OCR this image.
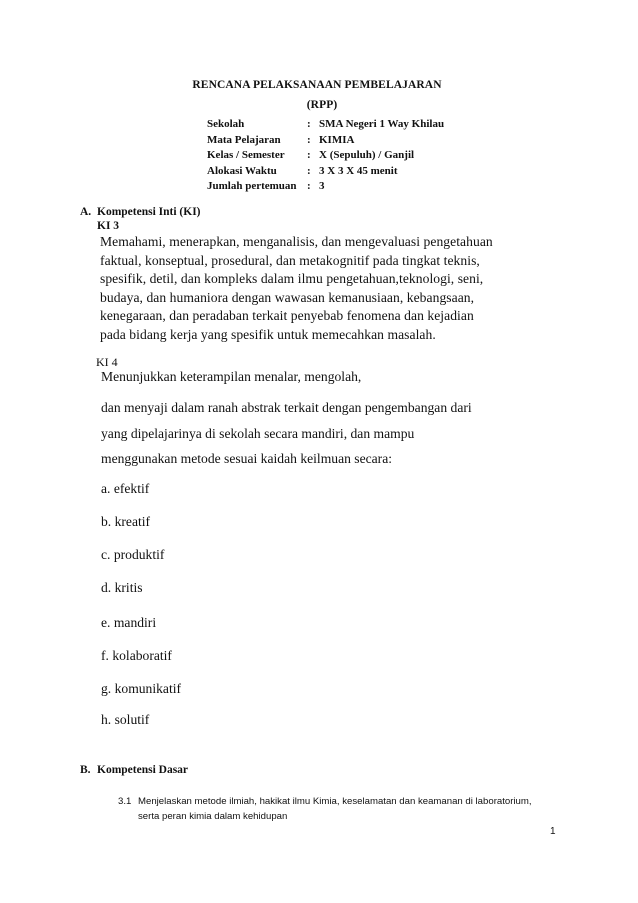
RENCANA PELAKSANAAN PEMBELAJARAN
(RPP)
Sekolah	: SMA Negeri 1 Way Khilau
Mata Pelajaran	: KIMIA
Kelas / Semester	: X (Sepuluh) / Ganjil
Alokasi Waktu	: 3 X 3 X 45 menit
Jumlah pertemuan : 3
A. Kompetensi Inti (KI)
KI 3
Memahami, menerapkan, menganalisis, dan mengevaluasi pengetahuan
faktual, konseptual, prosedural, dan metakognitif pada tingkat teknis,
spesifik, detil, dan kompleks dalam ilmu pengetahuan,teknologi, seni,
budaya, dan humaniora dengan wawasan kemanusiaan, kebangsaan,
kenegaraan, dan peradaban terkait penyebab fenomena dan kejadian
pada bidang kerja yang spesifik untuk memecahkan masalah.
KI 4
Menunjukkan keterampilan menalar, mengolah,
dan menyaji dalam ranah abstrak terkait dengan pengembangan dari
yang dipelajarinya di sekolah secara mandiri, dan mampu
menggunakan metode sesuai kaidah keilmuan secara:
a. efektif
b. kreatif
c. produktif
d. kritis
e. mandiri
f. kolaboratif
g. komunikatif
h. solutif
B. Kompetensi Dasar
3.1 Menjelaskan metode ilmiah, hakikat ilmu Kimia, keselamatan dan keamanan di laboratorium,
serta peran kimia dalam kehidupan
1
